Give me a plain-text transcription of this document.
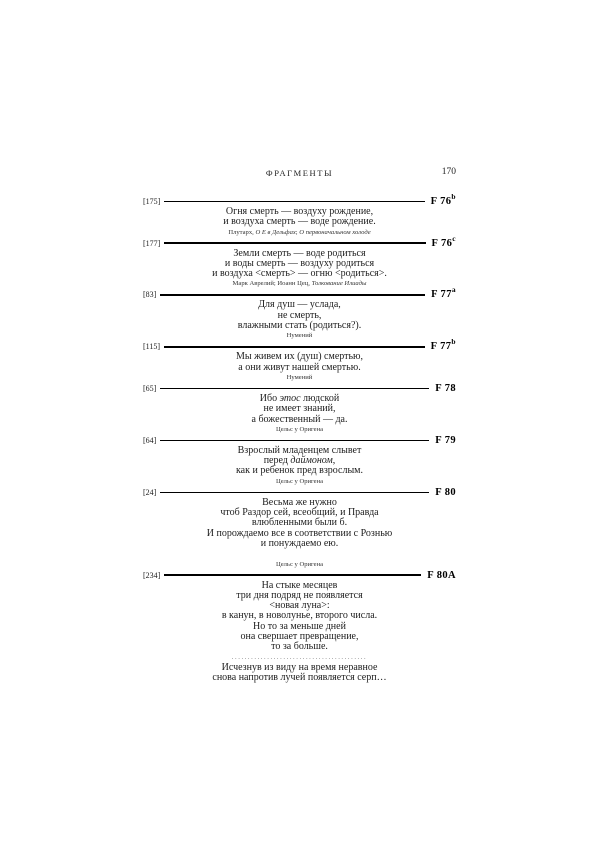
ФРАГМЕНТЫ	170
[175]	F 76$^b$
Огня смерть — воздуху рождение,
и воздуха смерть — воде рождение.
Плутарх, О Е в Дельфах; О первоначальном холоде
[177]	F 76$^c$
Земли смерть — воде родиться
и воды смерть — воздуху родиться
и воздуха <смерть> — огню <родиться>.
Марк Аврелий; Иоанн Цец, Толкование Илиады
[83]	F 77$^a$
Для душ — услада,
не смерть,
влажными стать (родиться?).
Нумений
[115]	F 77$^b$
Мы живем их (душ) смертью,
а они живут нашей смертью.
Нумений
[65]	F 78
Ибо этос людской
не имеет знаний,
а божественный — да.
Цельс у Оригена
[64]	F 79
Взрослый младенцем слывет
перед даймоном,
как и ребенок пред взрослым.
Цельс у Оригена
[24]	F 80
Весьма же нужно
чтоб Раздор сей, всеобщий, и Правда
влюбленными были б.
И порождаемо все в соответствии с Рознью
и понуждаемо ею.

Цельс у Оригена
[234]	F 80A
На стыке месяцев
три дня подряд не появляется
<новая луна>:
в канун, в новолунье, второго числа.
Но то за меньше дней
она свершает превращение,
то за больше.
..........................................
Исчезнув из виду на время неравное
снова напротив лучей появляется серп…
